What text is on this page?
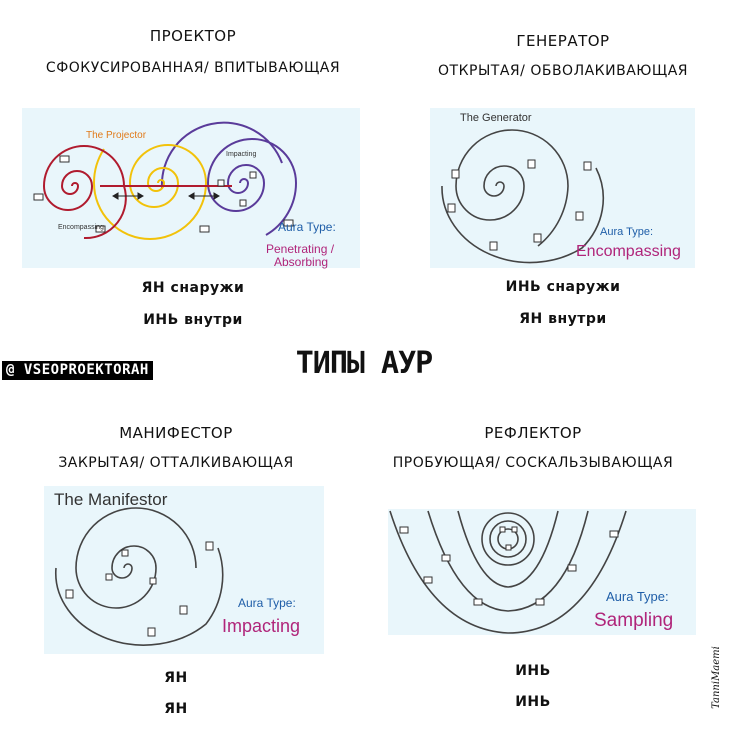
ПРОЕКТОР
СФОКУСИРОВАННАЯ/ ВПИТЫВАЮЩАЯ
The Projector
Impacting
Encompassing	Aura Type:
Penetrating /
Absorbing
ЯН снаружи
ИНЬ внутри
ГЕНЕРАТОР
ОТКРЫТАЯ/ ОБВОЛАКИВАЮЩАЯ
The Generator
Aura Type:
Encompassing
ИНЬ снаружи
ЯН внутри
@ VSEOPROEKTORAH	ТИПЫ АУР
МАНИФЕСТОР
ЗАКРЫТАЯ/ ОТТАЛКИВАЮЩАЯ
The Manifestor
Aura Type:
Impacting
ЯН
ЯН
РЕФЛЕКТОР
ПРОБУЮЩАЯ/ СОСКАЛЬЗЫВАЮЩАЯ
Aura Type:
Sampling
ИНЬ
ИНЬ	TanniMaemi
